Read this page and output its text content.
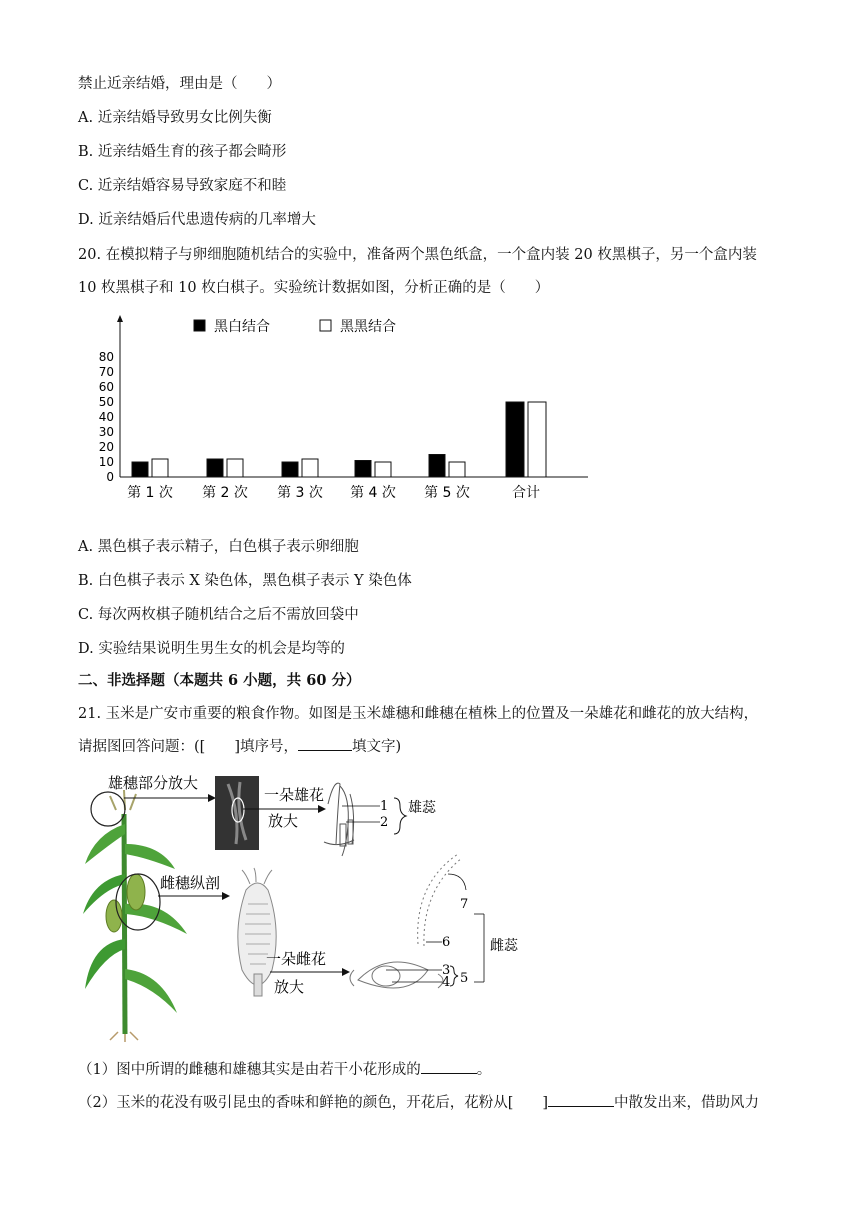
禁止近亲结婚，理由是（　　）
A. 近亲结婚导致男女比例失衡
B. 近亲结婚生育的孩子都会畸形
C. 近亲结婚容易导致家庭不和睦
D. 近亲结婚后代患遗传病的几率增大
20. 在模拟精子与卵细胞随机结合的实验中，准备两个黑色纸盒，一个盒内装 20 枚黑棋子，另一个盒内装
10 枚黑棋子和 10 枚白棋子。实验统计数据如图，分析正确的是（　　）
黑白结合	黑黑结合
0
10
20
30
40
50
60
70
80
第 1 次 第 2 次 第 3 次 第 4 次 第 5 次	合计
A. 黑色棋子表示精子，白色棋子表示卵细胞
B. 白色棋子表示 X 染色体，黑色棋子表示 Y 染色体
C. 每次两枚棋子随机结合之后不需放回袋中
D. 实验结果说明生男生女的机会是均等的
二、非选择题（本题共 6 小题，共 60 分）
21. 玉米是广安市重要的粮食作物。如图是玉米雄穗和雌穗在植株上的位置及一朵雄花和雌花的放大结构，
请据图回答问题：([　　]填序号，	填文字)
雄穗部分放大
一朵雄花
放大
1
2
雄蕊
雌穗纵剖
一朵雌花
放大
6
3
4 5
7
雌蕊
（1）图中所谓的雌穗和雄穗其实是由若干小花形成的	。
（2）玉米的花没有吸引昆虫的香味和鲜艳的颜色，开花后，花粉从[　　]	中散发出来，借助风力
